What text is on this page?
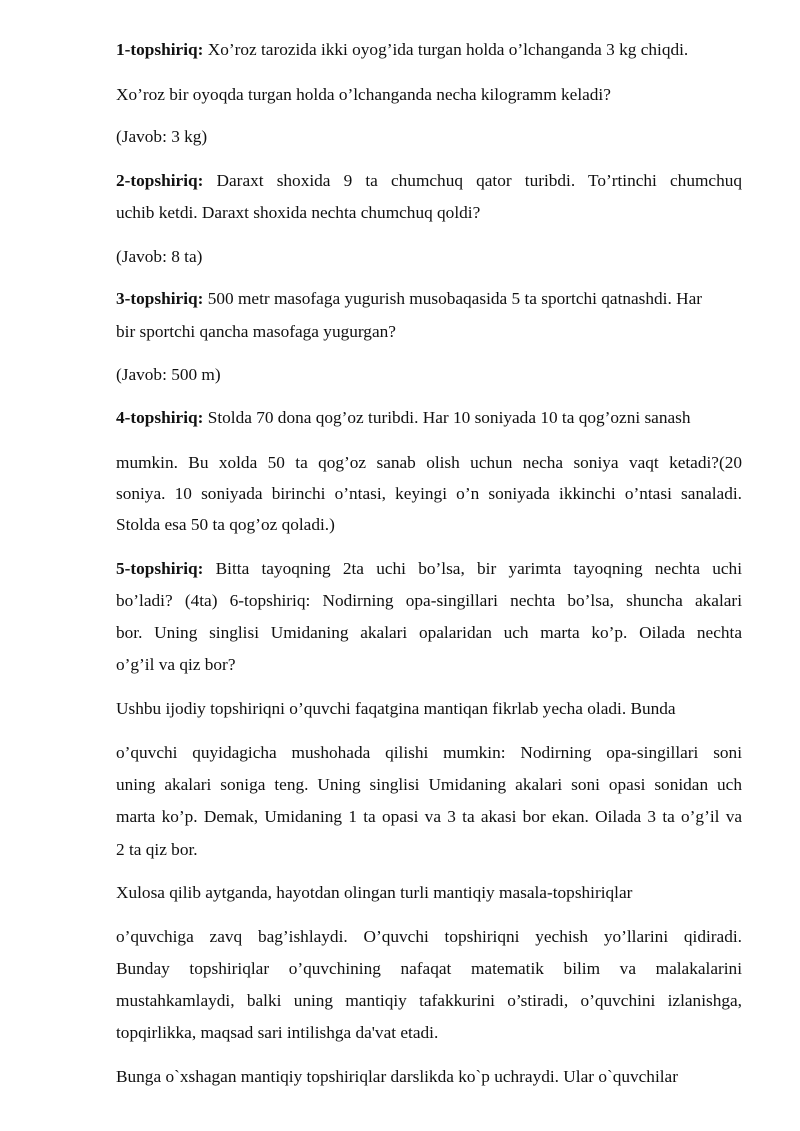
1-topshiriq: Xo’roz tarozida ikki oyog’ida turgan holda o’lchanganda 3 kg chiqdi.
Xo’roz bir oyoqda turgan holda o’lchanganda necha kilogramm keladi?
(Javob: 3 kg)
2-topshiriq: Daraxt shoxida 9 ta chumchuq qator turibdi. To’rtinchi chumchuq
uchib ketdi. Daraxt shoxida nechta chumchuq qoldi?
(Javob: 8 ta)
3-topshiriq: 500 metr masofaga yugurish musobaqasida 5 ta sportchi qatnashdi. Har
bir sportchi qancha masofaga yugurgan?
(Javob: 500 m)
4-topshiriq: Stolda 70 dona qog’oz turibdi. Har 10 soniyada 10 ta qog’ozni sanash
mumkin. Bu xolda 50 ta qog’oz sanab olish uchun necha soniya vaqt ketadi?(20
soniya. 10 soniyada birinchi o’ntasi, keyingi o’n soniyada ikkinchi o’ntasi sanaladi.
Stolda esa 50 ta qog’oz qoladi.)
5-topshiriq: Bitta tayoqning 2ta uchi bo’lsa, bir yarimta tayoqning nechta uchi
bo’ladi? (4ta) 6-topshiriq: Nodirning opa-singillari nechta bo’lsa, shuncha akalari
bor. Uning singlisi Umidaning akalari opalaridan uch marta ko’p. Oilada nechta
o’g’il va qiz bor?
Ushbu ijodiy topshiriqni o’quvchi faqatgina mantiqan fikrlab yecha oladi. Bunda
o’quvchi quyidagicha mushohada qilishi mumkin: Nodirning opa-singillari soni
uning akalari soniga teng. Uning singlisi Umidaning akalari soni opasi sonidan uch
marta ko’p. Demak, Umidaning 1 ta opasi va 3 ta akasi bor ekan. Oilada 3 ta o’g’il va
2 ta qiz bor.
Xulosa qilib aytganda, hayotdan olingan turli mantiqiy masala-topshiriqlar
o’quvchiga zavq bag’ishlaydi. O’quvchi topshiriqni yechish yo’llarini qidiradi.
Bunday topshiriqlar o’quvchining nafaqat matematik bilim va malakalarini
mustahkamlaydi, balki uning mantiqiy tafakkurini o’stiradi, o’quvchini izlanishga,
topqirlikka, maqsad sari intilishga da'vat etadi.
Bunga o`xshagan mantiqiy topshiriqlar darslikda ko`p uchraydi. Ular o`quvchilar
